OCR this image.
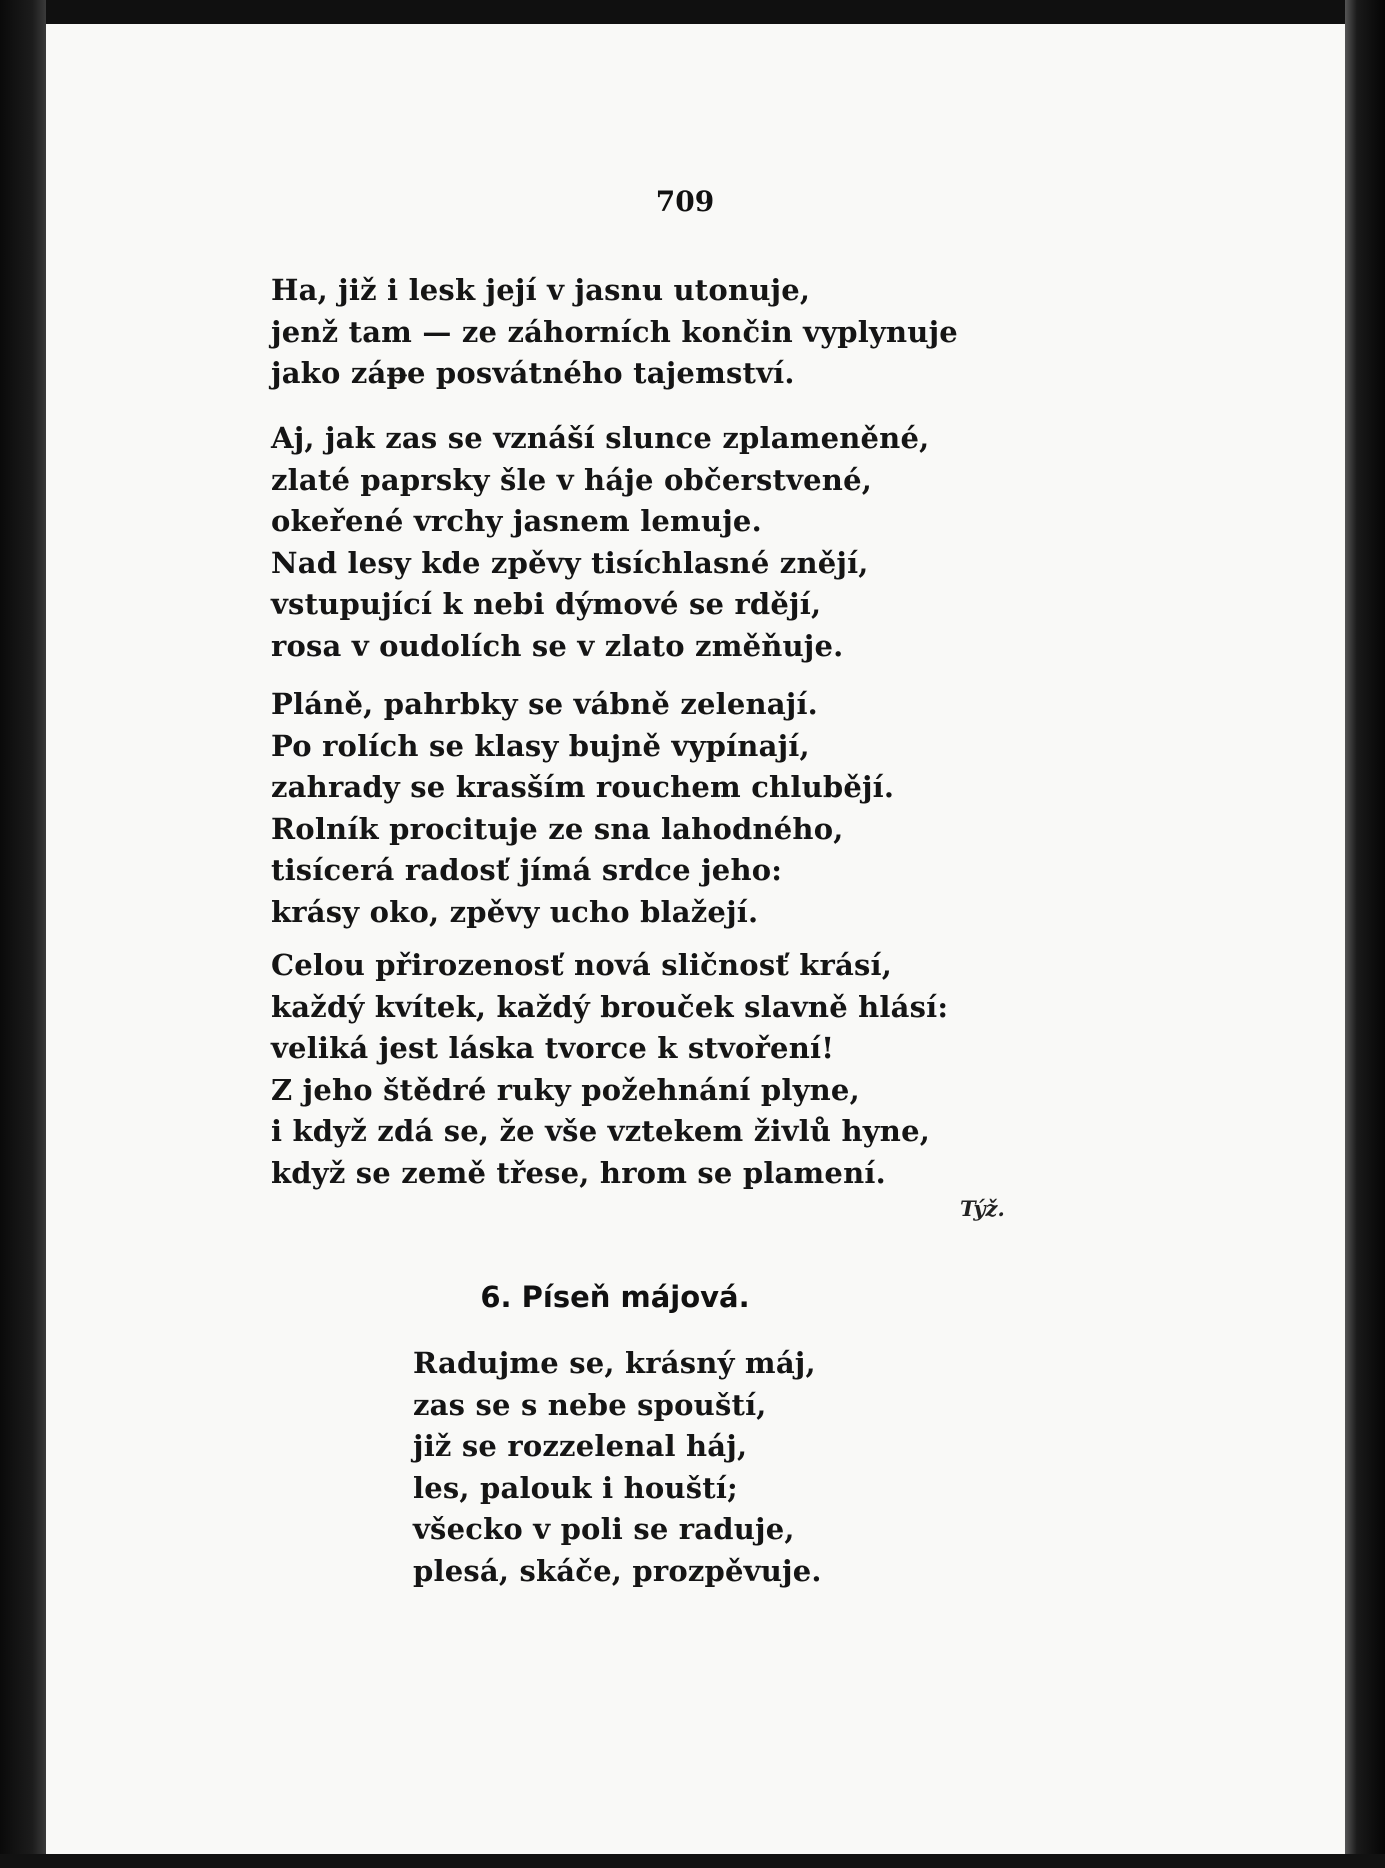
709
Ha, již i lesk její v jasnu utonuje,
jenž tam — ze záhorních končin vyplynuje
jako záᵽe posvátného tajemství.
Aj, jak zas se vznáší slunce zplameněné,
zlaté paprsky šle v háje občerstvené,
okeřené vrchy jasnem lemuje.
Nad lesy kde zpěvy tisíchlasné znějí,
vstupující k nebi dýmové se rdějí,
rosa v oudolích se v zlato změňuje.
Pláně, pahrbky se vábně zelenají.
Po rolích se klasy bujně vypínají,
zahrady se krasším rouchem chlubějí.
Rolník procituje ze sna lahodného,
tisícerá radosť jímá srdce jeho:
krásy oko, zpěvy ucho blažejí.
Celou přirozenosť nová sličnosť krásí,
každý kvítek, každý brouček slavně hlásí:
veliká jest láska tvorce k stvoření!
Z jeho štědré ruky požehnání plyne,
i když zdá se, že vše vztekem živlů hyne,
když se země třese, hrom se plamení.
Týž.
6. Píseň májová.
Radujme se, krásný máj,
zas se s nebe spouští,
již se rozzelenal háj,
les, palouk i houští;
všecko v poli se raduje,
plesá, skáče, prozpěvuje.
